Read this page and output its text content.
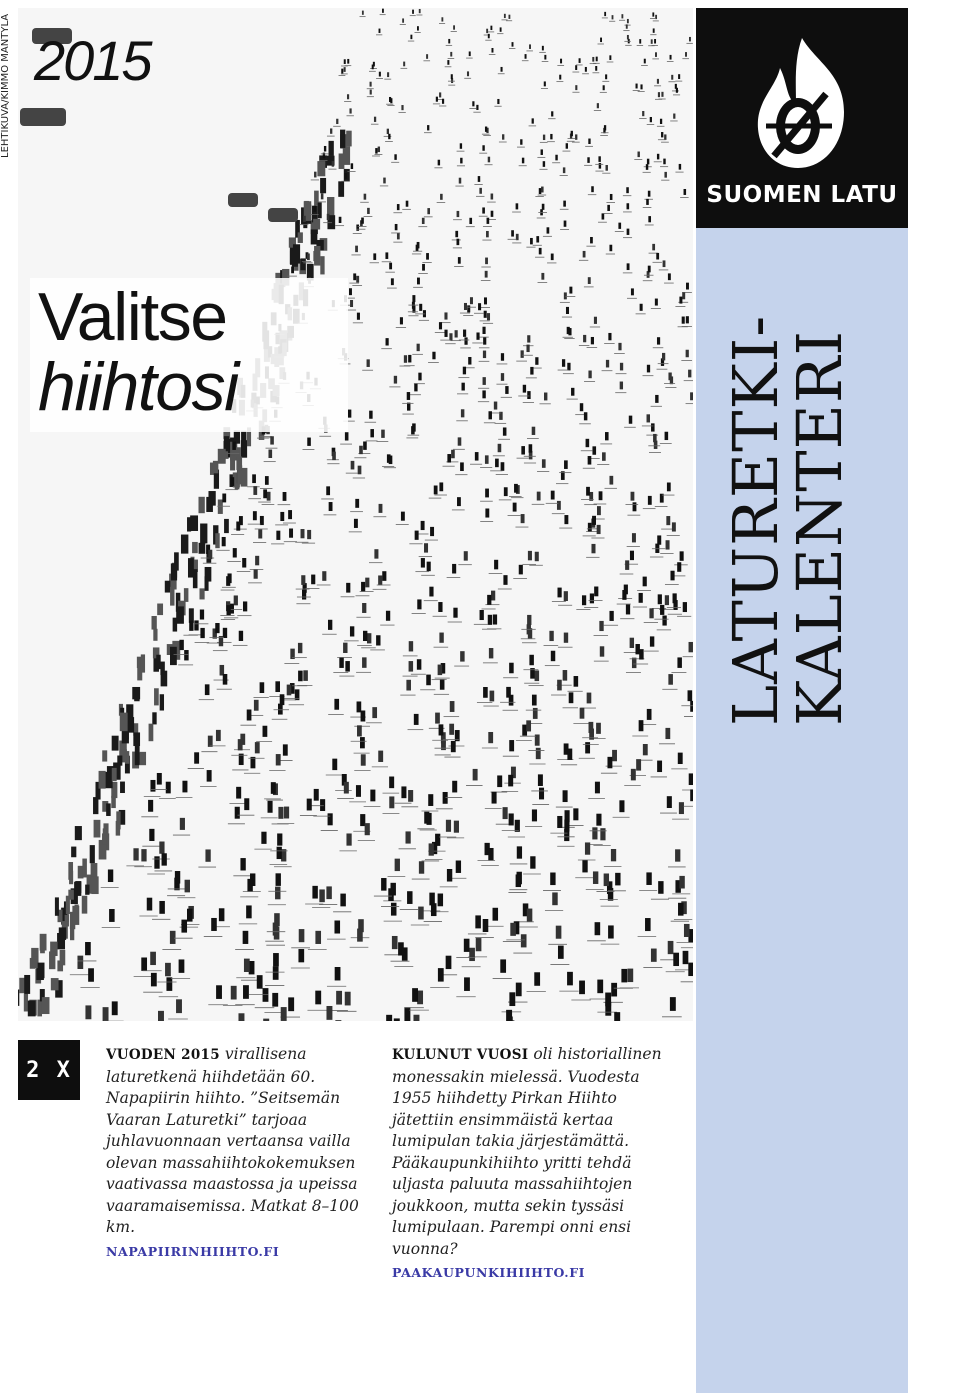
LEHTIKUVA/KIMMO MÄNTYLÄ 2015
Valitse
hiihtosi
SUOMEN LATU
LATURETKI-
KALENTERI
2 X
VUODEN 2015 virallisena laturetkenä hiihdetään 60. Napapiirin hiihto. ”Seitsemän Vaaran Laturetki” tarjoaa juhlavuonnaan vertaansa vailla olevan massahiihtokokemuksen vaativassa maastossa ja upeissa vaaramaisemissa. Matkat 8–100 km.
NAPAPIIRINHIIHTO.FI
KULUNUT VUOSI oli historiallinen monessakin mielessä. Vuodesta 1955 hiihdetty Pirkan Hiihto jätettiin ensimmäistä kertaa lumipulan takia järjestämättä. Pääkaupunkihiihto yritti tehdä uljasta paluuta massahiihtojen joukkoon, mutta sekin tyssäsi lumipulaan. Parempi onni ensi vuonna?
PAAKAUPUNKIHIIHTO.FI
